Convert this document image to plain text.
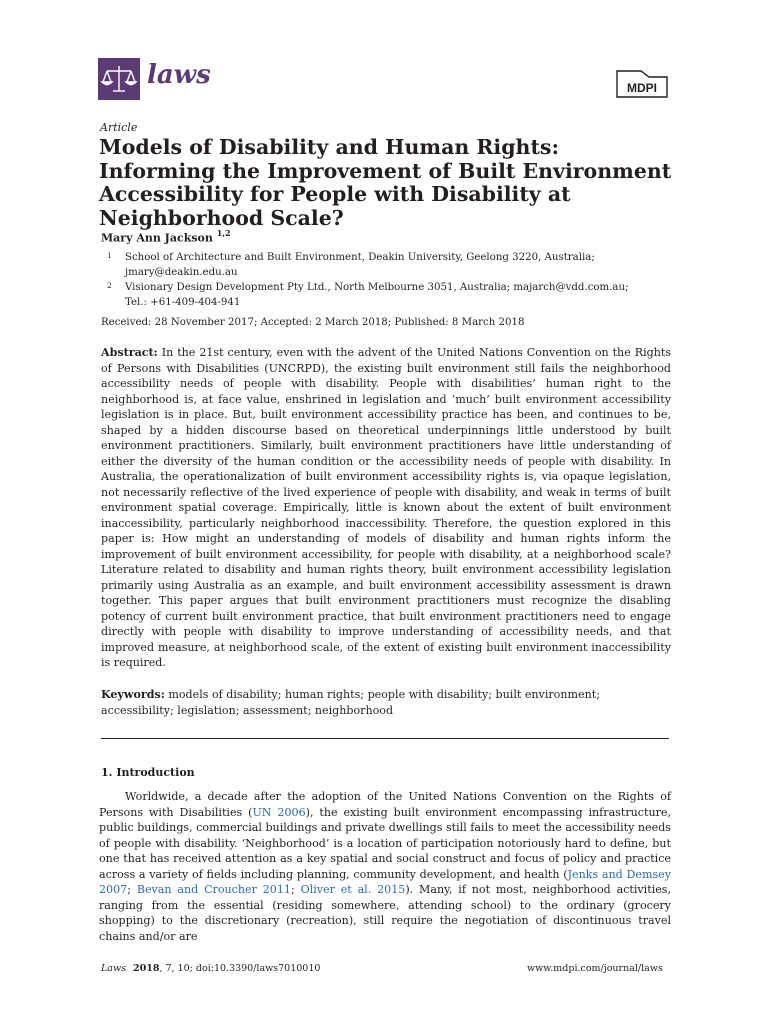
laws	MDPI
Article
Models of Disability and Human Rights: Informing the Improvement of Built Environment Accessibility for People with Disability at Neighborhood Scale?
Mary Ann Jackson $^{1,2}$
1 School of Architecture and Built Environment, Deakin University, Geelong 3220, Australia;
jmary@deakin.edu.au
2 Visionary Design Development Pty Ltd., North Melbourne 3051, Australia; majarch@vdd.com.au;
Tel.: +61-409-404-941
Received: 28 November 2017; Accepted: 2 March 2018; Published: 8 March 2018
Abstract: In the 21st century, even with the advent of the United Nations Convention on the Rights of Persons with Disabilities (UNCRPD), the existing built environment still fails the neighborhood accessibility needs of people with disability. People with disabilities’ human right to the neighborhood is, at face value, enshrined in legislation and ‘much’ built environment accessibility legislation is in place. But, built environment accessibility practice has been, and continues to be, shaped by a hidden discourse based on theoretical underpinnings little understood by built environment practitioners. Similarly, built environment practitioners have little understanding of either the diversity of the human condition or the accessibility needs of people with disability. In Australia, the operationalization of built environment accessibility rights is, via opaque legislation, not necessarily reflective of the lived experience of people with disability, and weak in terms of built environment spatial coverage. Empirically, little is known about the extent of built environment inaccessibility, particularly neighborhood inaccessibility. Therefore, the question explored in this paper is: How might an understanding of models of disability and human rights inform the improvement of built environment accessibility, for people with disability, at a neighborhood scale? Literature related to disability and human rights theory, built environment accessibility legislation primarily using Australia as an example, and built environment accessibility assessment is drawn together. This paper argues that built environment practitioners must recognize the disabling potency of current built environment practice, that built environment practitioners need to engage directly with people with disability to improve understanding of accessibility needs, and that improved measure, at neighborhood scale, of the extent of existing built environment inaccessibility is required.
Keywords: models of disability; human rights; people with disability; built environment; accessibility; legislation; assessment; neighborhood
1. Introduction
Worldwide, a decade after the adoption of the United Nations Convention on the Rights of Persons with Disabilities (UN 2006), the existing built environment encompassing infrastructure, public buildings, commercial buildings and private dwellings still fails to meet the accessibility needs of people with disability. ‘Neighborhood’ is a location of participation notoriously hard to define, but one that has received attention as a key spatial and social construct and focus of policy and practice across a variety of fields including planning, community development, and health (Jenks and Demsey 2007; Bevan and Croucher 2011; Oliver et al. 2015). Many, if not most, neighborhood activities, ranging from the essential (residing somewhere, attending school) to the ordinary (grocery shopping) to the discretionary (recreation), still require the negotiation of discontinuous travel chains and/or are
Laws 2018, 7, 10; doi:10.3390/laws7010010	www.mdpi.com/journal/laws
